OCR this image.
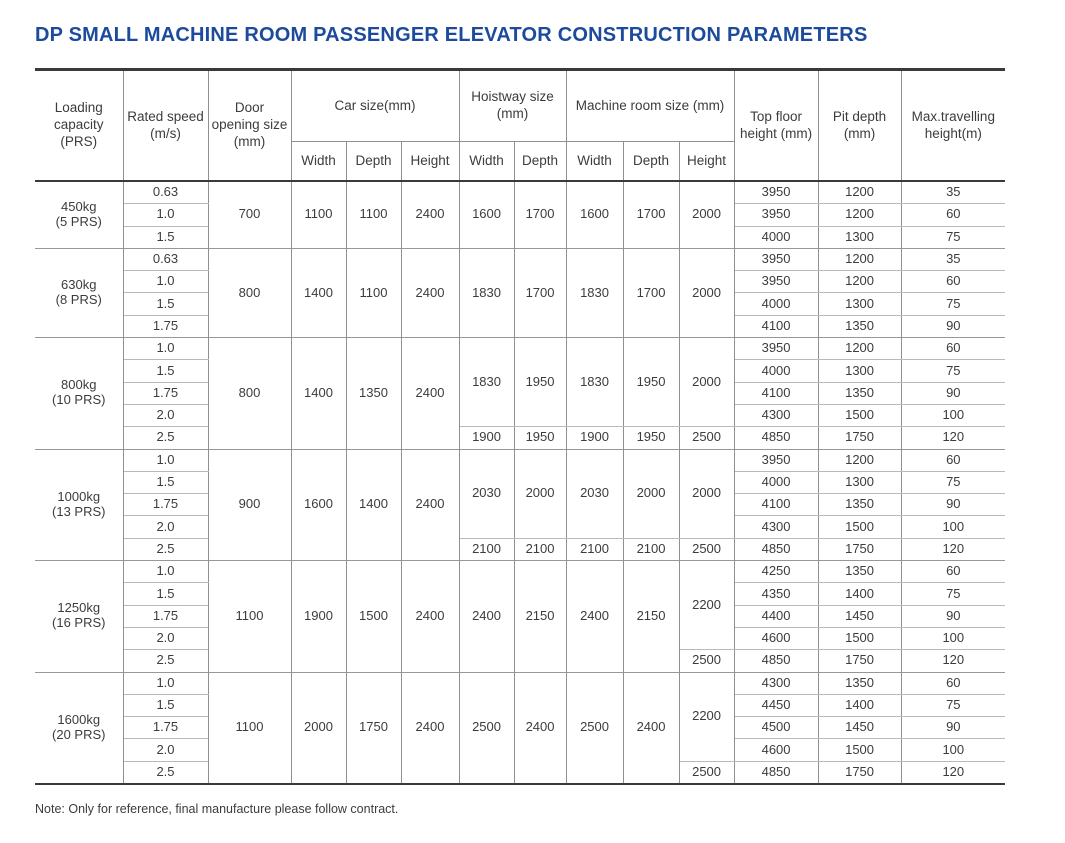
DP SMALL MACHINE ROOM PASSENGER ELEVATOR CONSTRUCTION PARAMETERS
Loading capacity (PRS)	Rated speed (m/s)	Door opening size (mm)	Car size(mm)			Hoistway size (mm)		Machine room size (mm)			Top floor height (mm)	Pit depth (mm)	Max.travelling height(m)
			Width	Depth	Height	Width	Depth	Width	Depth	Height			

450kg
(5 PRS)	0.63	700	1100	1100	2400	1600	1700	1600	1700	2000	3950	1200	35
	1.0										3950	1200	60
	1.5										4000	1300	75

630kg
(8 PRS)	0.63	800	1400	1100	2400	1830	1700	1830	1700	2000	3950	1200	35
	1.0										3950	1200	60
	1.5										4000	1300	75
	1.75										4100	1350	90

800kg
(10 PRS)	1.0	800	1400	1350	2400	1830	1950	1830	1950	2000	3950	1200	60
	1.5										4000	1300	75
	1.75										4100	1350	90
	2.0										4300	1500	100
	2.5					1900	1950	1900	1950	2500	4850	1750	120

1000kg
(13 PRS)	1.0	900	1600	1400	2400	2030	2000	2030	2000	2000	3950	1200	60
	1.5										4000	1300	75
	1.75										4100	1350	90
	2.0										4300	1500	100
	2.5					2100	2100	2100	2100	2500	4850	1750	120

1250kg
(16 PRS)	1.0	1100	1900	1500	2400	2400	2150	2400	2150	2200	4250	1350	60
	1.5										4350	1400	75
	1.75										4400	1450	90
	2.0										4600	1500	100
	2.5									2500	4850	1750	120

1600kg
(20 PRS)	1.0	1100	2000	1750	2400	2500	2400	2500	2400	2200	4300	1350	60
	1.5										4450	1400	75
	1.75										4500	1450	90
	2.0										4600	1500	100
	2.5									2500	4850	1750	120
Note: Only for reference, final manufacture please follow contract.
